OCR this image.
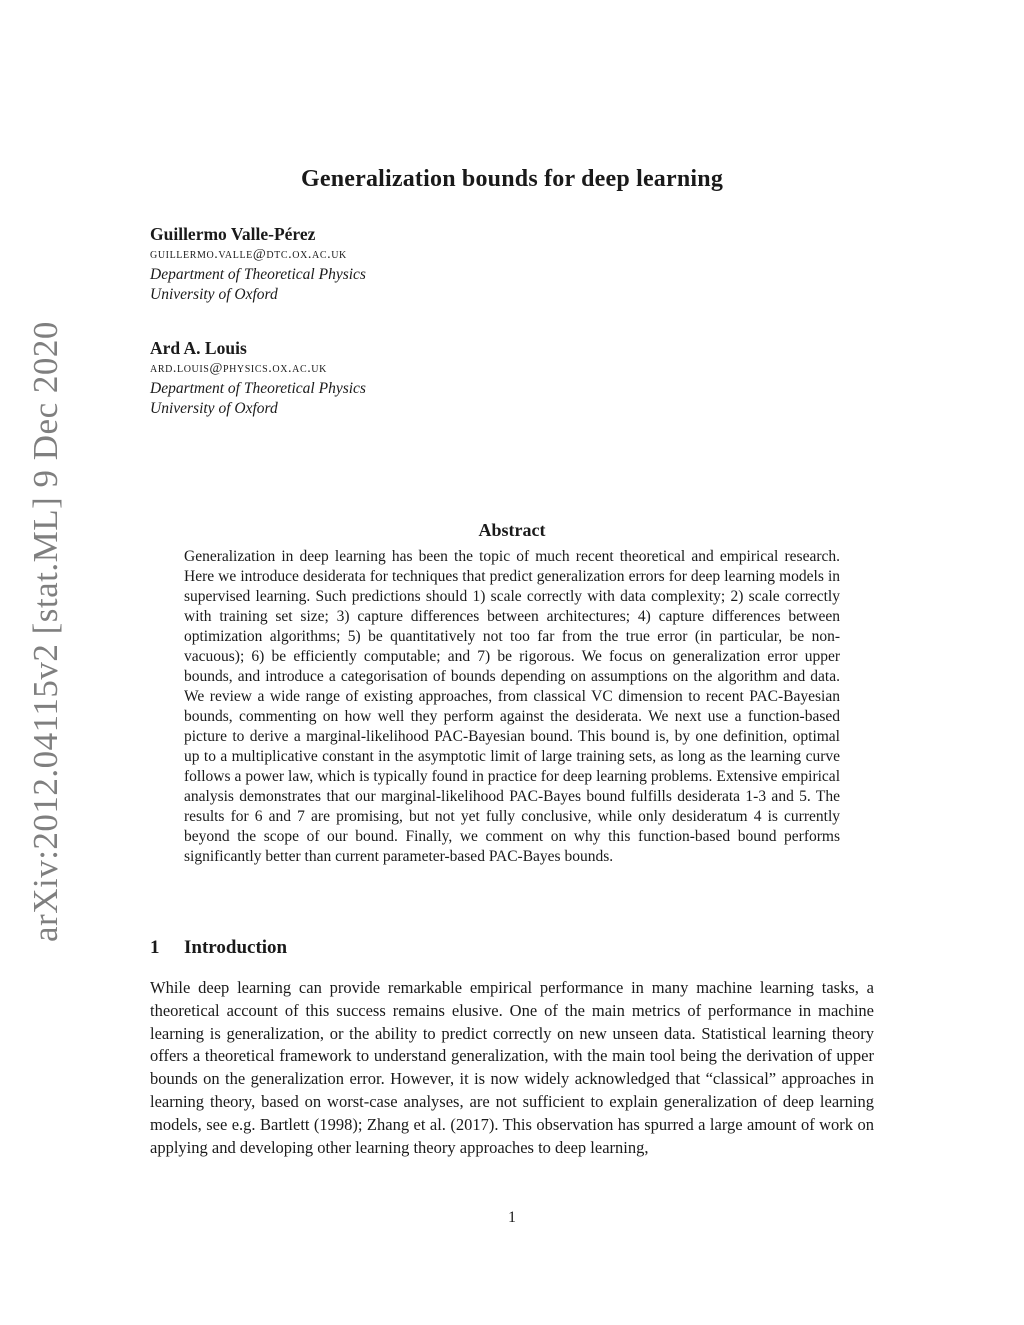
arXiv:2012.04115v2 [stat.ML] 9 Dec 2020
Generalization bounds for deep learning
Guillermo Valle-Pérez
guillermo.valle@dtc.ox.ac.uk
Department of Theoretical Physics
University of Oxford
Ard A. Louis
ard.louis@physics.ox.ac.uk
Department of Theoretical Physics
University of Oxford
Abstract
Generalization in deep learning has been the topic of much recent theoretical and empirical research. Here we introduce desiderata for techniques that predict generalization errors for deep learning models in supervised learning. Such predictions should 1) scale correctly with data complexity; 2) scale correctly with training set size; 3) capture differences between architectures; 4) capture differences between optimization algorithms; 5) be quantitatively not too far from the true error (in particular, be non-vacuous); 6) be efficiently computable; and 7) be rigorous. We focus on generalization error upper bounds, and introduce a categorisation of bounds depending on assumptions on the algorithm and data. We review a wide range of existing approaches, from classical VC dimension to recent PAC-Bayesian bounds, commenting on how well they perform against the desiderata. We next use a function-based picture to derive a marginal-likelihood PAC-Bayesian bound. This bound is, by one definition, optimal up to a multiplicative constant in the asymptotic limit of large training sets, as long as the learning curve follows a power law, which is typically found in practice for deep learning problems. Extensive empirical analysis demonstrates that our marginal-likelihood PAC-Bayes bound fulfills desiderata 1-3 and 5. The results for 6 and 7 are promising, but not yet fully conclusive, while only desideratum 4 is currently beyond the scope of our bound. Finally, we comment on why this function-based bound performs significantly better than current parameter-based PAC-Bayes bounds.
1 Introduction
While deep learning can provide remarkable empirical performance in many machine learning tasks, a theoretical account of this success remains elusive. One of the main metrics of performance in machine learning is generalization, or the ability to predict correctly on new unseen data. Statistical learning theory offers a theoretical framework to understand generalization, with the main tool being the derivation of upper bounds on the generalization error. However, it is now widely acknowledged that “classical” approaches in learning theory, based on worst-case analyses, are not sufficient to explain generalization of deep learning models, see e.g. Bartlett (1998); Zhang et al. (2017). This observation has spurred a large amount of work on applying and developing other learning theory approaches to deep learning,
1
